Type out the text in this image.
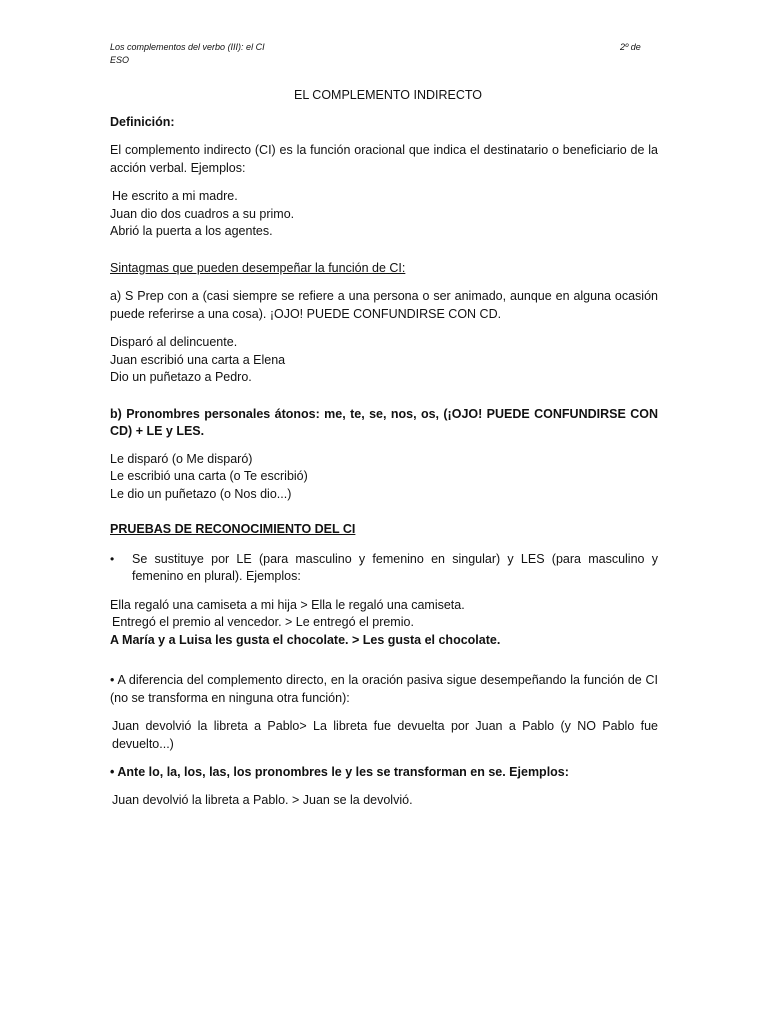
Los complementos del verbo (III): el CI	2º de
ESO

EL COMPLEMENTO INDIRECTO

Definición:

El complemento indirecto (CI) es la función oracional que indica el destinatario o beneficiario de la acción verbal. Ejemplos:

He escrito a mi madre.

Juan dio dos cuadros a su primo.

Abrió la puerta a los agentes.

Sintagmas que pueden desempeñar la función de CI:

a) S Prep con a (casi siempre se refiere a una persona o ser animado, aunque en alguna ocasión puede referirse a una cosa). ¡OJO! PUEDE CONFUNDIRSE CON CD.

Disparó al delincuente.

Juan escribió una carta a Elena

Dio un puñetazo a Pedro.

b) Pronombres personales átonos: me, te, se, nos, os, (¡OJO! PUEDE CONFUNDIRSE CON CD) + LE y LES.

Le disparó (o Me disparó)

Le escribió una carta (o Te escribió)

Le dio un puñetazo (o Nos dio...)

PRUEBAS DE RECONOCIMIENTO DEL CI

•	Se sustituye por LE (para masculino y femenino en singular) y LES (para masculino y femenino en plural). Ejemplos:

Ella regaló una camiseta a mi hija > Ella le regaló una camiseta.

Entregó el premio al vencedor. > Le entregó el premio.

A María y a Luisa les gusta el chocolate. > Les gusta el chocolate.

• A diferencia del complemento directo, en la oración pasiva sigue desempeñando la función de CI (no se transforma en ninguna otra función):

Juan devolvió la libreta a Pablo> La libreta fue devuelta por Juan a Pablo (y NO Pablo fue devuelto...)

• Ante lo, la, los, las, los pronombres le y les se transforman en se. Ejemplos:

Juan devolvió la libreta a Pablo. > Juan se la devolvió.
